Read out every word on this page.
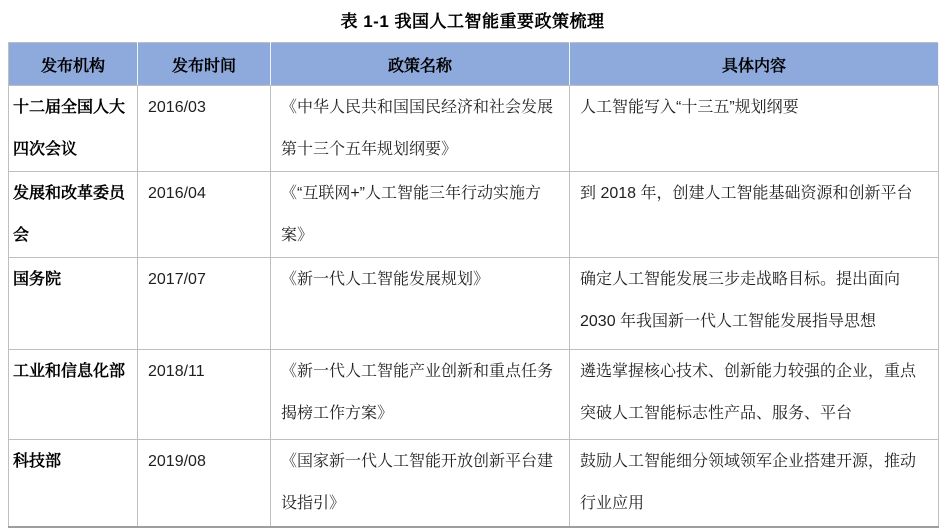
表 1-1 我国人工智能重要政策梳理
发布机构	发布时间	政策名称	具体内容
十二届全国人大四次会议	2016/03	《中华人民共和国国民经济和社会发展第十三个五年规划纲要》	人工智能写入“十三五”规划纲要
发展和改革委员会	2016/04	《“互联网+”人工智能三年行动实施方案》	到 2018 年，创建人工智能基础资源和创新平台
国务院	2017/07	《新一代人工智能发展规划》	确定人工智能发展三步走战略目标。提出面向 2030 年我国新一代人工智能发展指导思想
工业和信息化部	2018/11	《新一代人工智能产业创新和重点任务揭榜工作方案》	遴选掌握核心技术、创新能力较强的企业，重点突破人工智能标志性产品、服务、平台
科技部	2019/08	《国家新一代人工智能开放创新平台建设指引》	鼓励人工智能细分领域领军企业搭建开源，推动行业应用
